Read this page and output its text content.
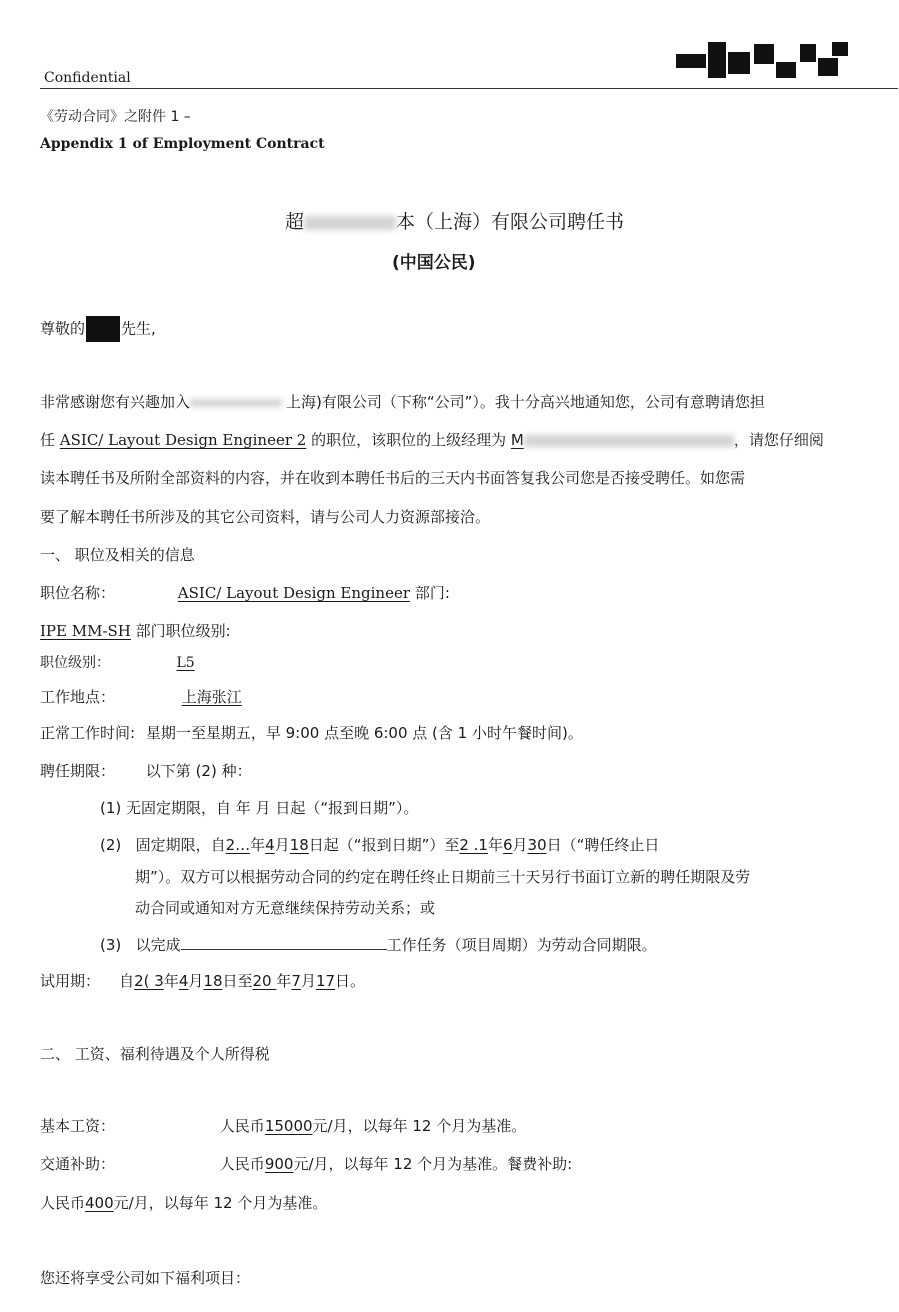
Confidential
《劳动合同》之附件 1 –
Appendix 1 of Employment Contract
超	本（上海）有限公司聘任书
(中国公民)
尊敬的 先生,
非常感谢您有兴趣加入	上海)有限公司（下称“公司”）。我十分高兴地通知您，公司有意聘请您担
任 ASIC/ Layout Design Engineer 2 的职位，该职位的上级经理为 M	，请您仔细阅
读本聘任书及所附全部资料的内容，并在收到本聘任书后的三天内书面答复我公司您是否接受聘任。如您需
要了解本聘任书所涉及的其它公司资料，请与公司人力资源部接洽。
一、 职位及相关的信息
职位名称：	ASIC/ Layout Design Engineer 部门:
IPE MM-SH 部门职位级别:
职位级别：	L5
工作地点：	上海张江
正常工作时间: 星期一至星期五，早 9:00 点至晚 6:00 点 (含 1 小时午餐时间)。
聘任期限： 以下第 (2) 种：
(1) 无固定期限，自 年 月 日起（“报到日期”）。
(2) 固定期限，自2…年4月18日起（“报到日期”）至2 .1年6月30日（“聘任终止日
期”）。双方可以根据劳动合同的约定在聘任终止日期前三十天另行书面订立新的聘任期限及劳
动合同或通知对方无意继续保持劳动关系；或
(3) 以完成	工作任务（项目周期）为劳动合同期限。
试用期： 自2( 3年4月18日至20 年7月17日。
二、 工资、福利待遇及个人所得税
基本工资：	人民币15000元/月，以每年 12 个月为基准。
交通补助：	人民币900元/月，以每年 12 个月为基准。餐费补助:
人民币400元/月，以每年 12 个月为基准。
您还将享受公司如下福利项目：
